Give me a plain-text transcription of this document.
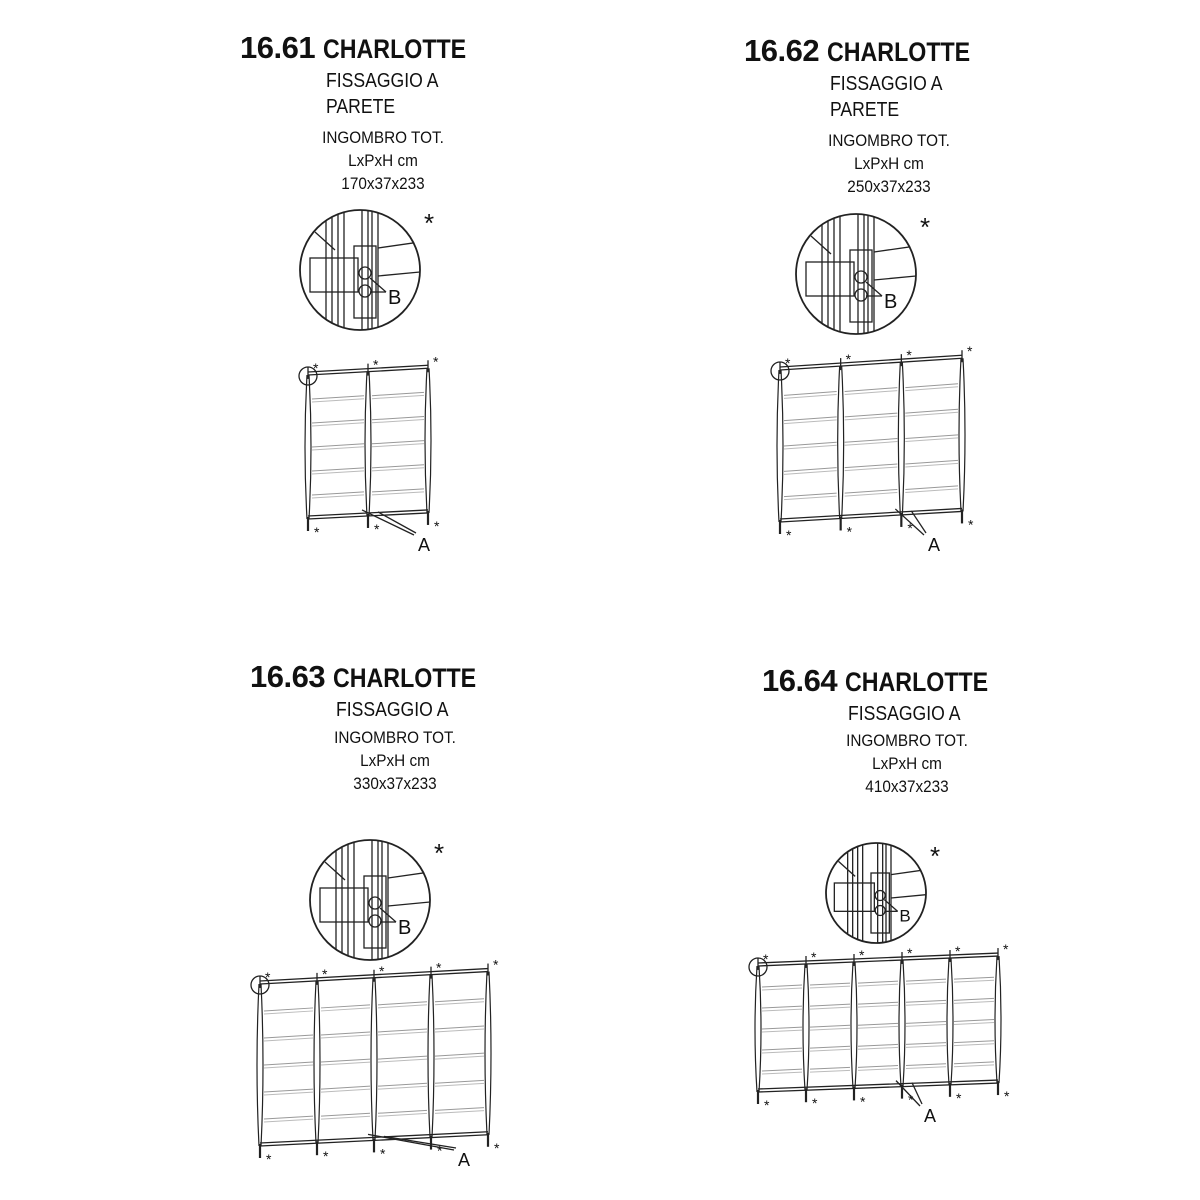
16.61 CHARLOTTE
FISSAGGIO A
PARETE
INGOMBRO TOT.
LxPxH cm
170x37x233
B
*
*
*
*
*
*
*
A
16.62 CHARLOTTE
FISSAGGIO A
PARETE
INGOMBRO TOT.
LxPxH cm
250x37x233
B
*
*
*
*
*
*
*
*
*
A
16.63 CHARLOTTE
FISSAGGIO A
INGOMBRO TOT.
LxPxH cm
330x37x233
B
*
*
*
*
*
*
*
*
*
*
*
A
16.64 CHARLOTTE
FISSAGGIO A
INGOMBRO TOT.
LxPxH cm
410x37x233
B
*
*
*
*
*
*
*
*
*
*
*
*
*
A
